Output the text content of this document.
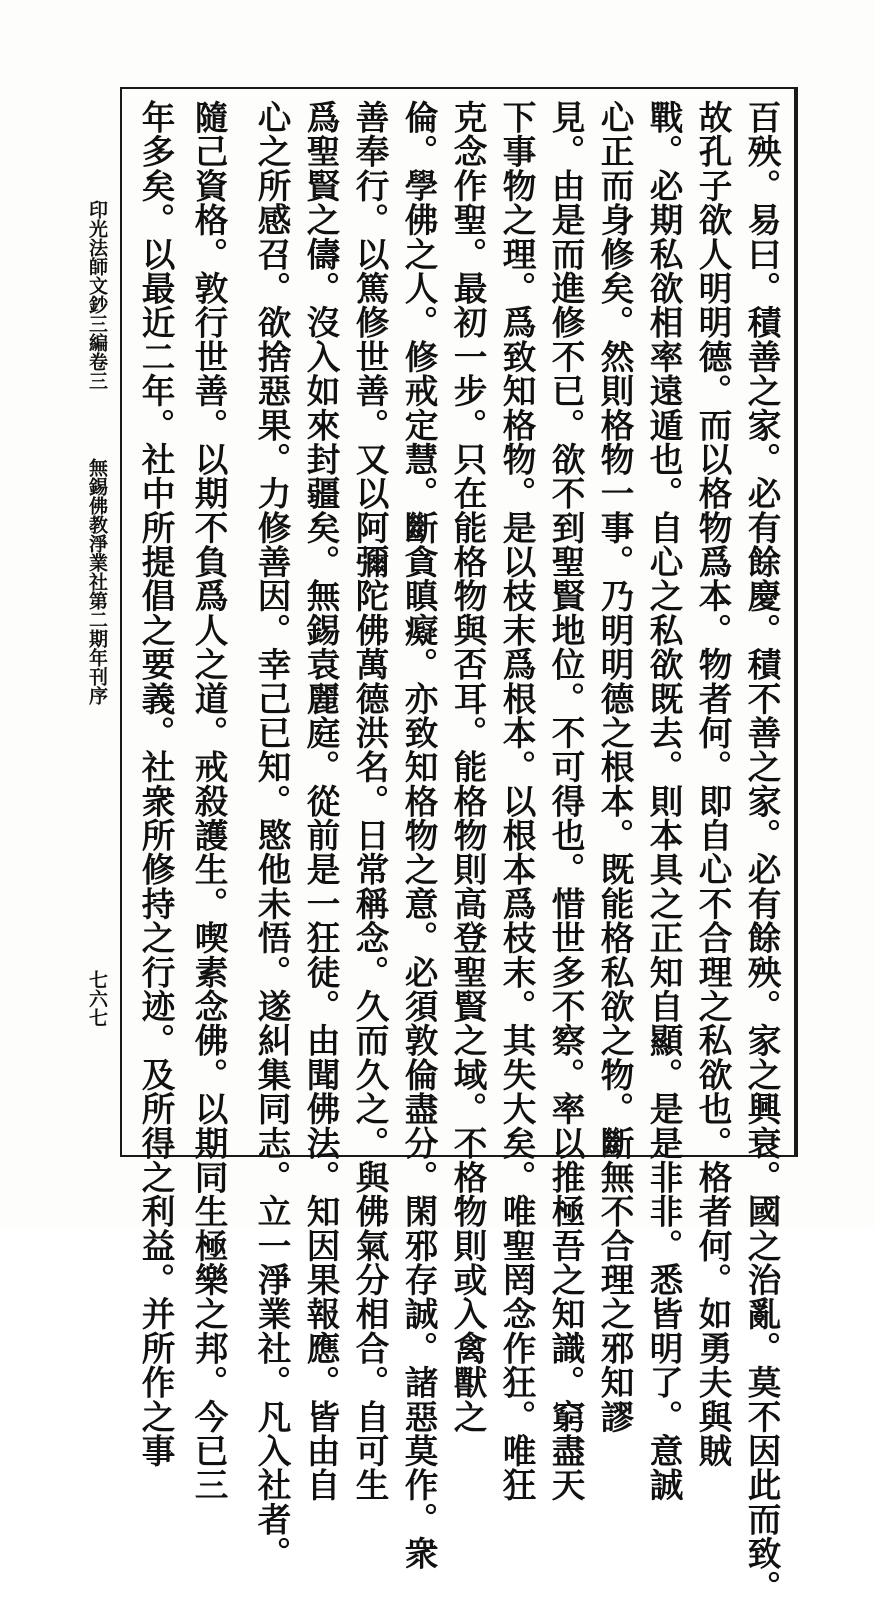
印光法師文鈔三編卷三
無錫佛教淨業社第二期年刊序
七六七	百殃。易曰。積善之家。必有餘慶。積不善之家。必有餘殃。家之興衰。國之治亂。莫不因此而致。
故孔子欲人明明德。而以格物爲本。物者何。即自心不合理之私欲也。格者何。如勇夫與賊
戰。必期私欲相率遠遁也。自心之私欲既去。則本具之正知自顯。是是非非。悉皆明了。意誠
心正而身修矣。然則格物一事。乃明明德之根本。既能格私欲之物。斷無不合理之邪知謬
見。由是而進修不已。欲不到聖賢地位。不可得也。惜世多不察。率以推極吾之知識。窮盡天
下事物之理。爲致知格物。是以枝末爲根本。以根本爲枝末。其失大矣。唯聖罔念作狂。唯狂
克念作聖。最初一步。只在能格物與否耳。能格物則高登聖賢之域。不格物則或入禽獸之
倫。學佛之人。修戒定慧。斷貪瞋癡。亦致知格物之意。必須敦倫盡分。閑邪存誠。諸惡莫作。衆
善奉行。以篤修世善。又以阿彌陀佛萬德洪名。日常稱念。久而久之。與佛氣分相合。自可生
爲聖賢之儔。沒入如來封疆矣。無錫袁麗庭。從前是一狂徒。由聞佛法。知因果報應。皆由自
心之所感召。欲捨惡果。力修善因。幸己已知。愍他未悟。遂糾集同志。立一淨業社。凡入社者。
隨己資格。敦行世善。以期不負爲人之道。戒殺護生。喫素念佛。以期同生極樂之邦。今已三
年多矣。以最近二年。社中所提倡之要義。社衆所修持之行迹。及所得之利益。并所作之事
